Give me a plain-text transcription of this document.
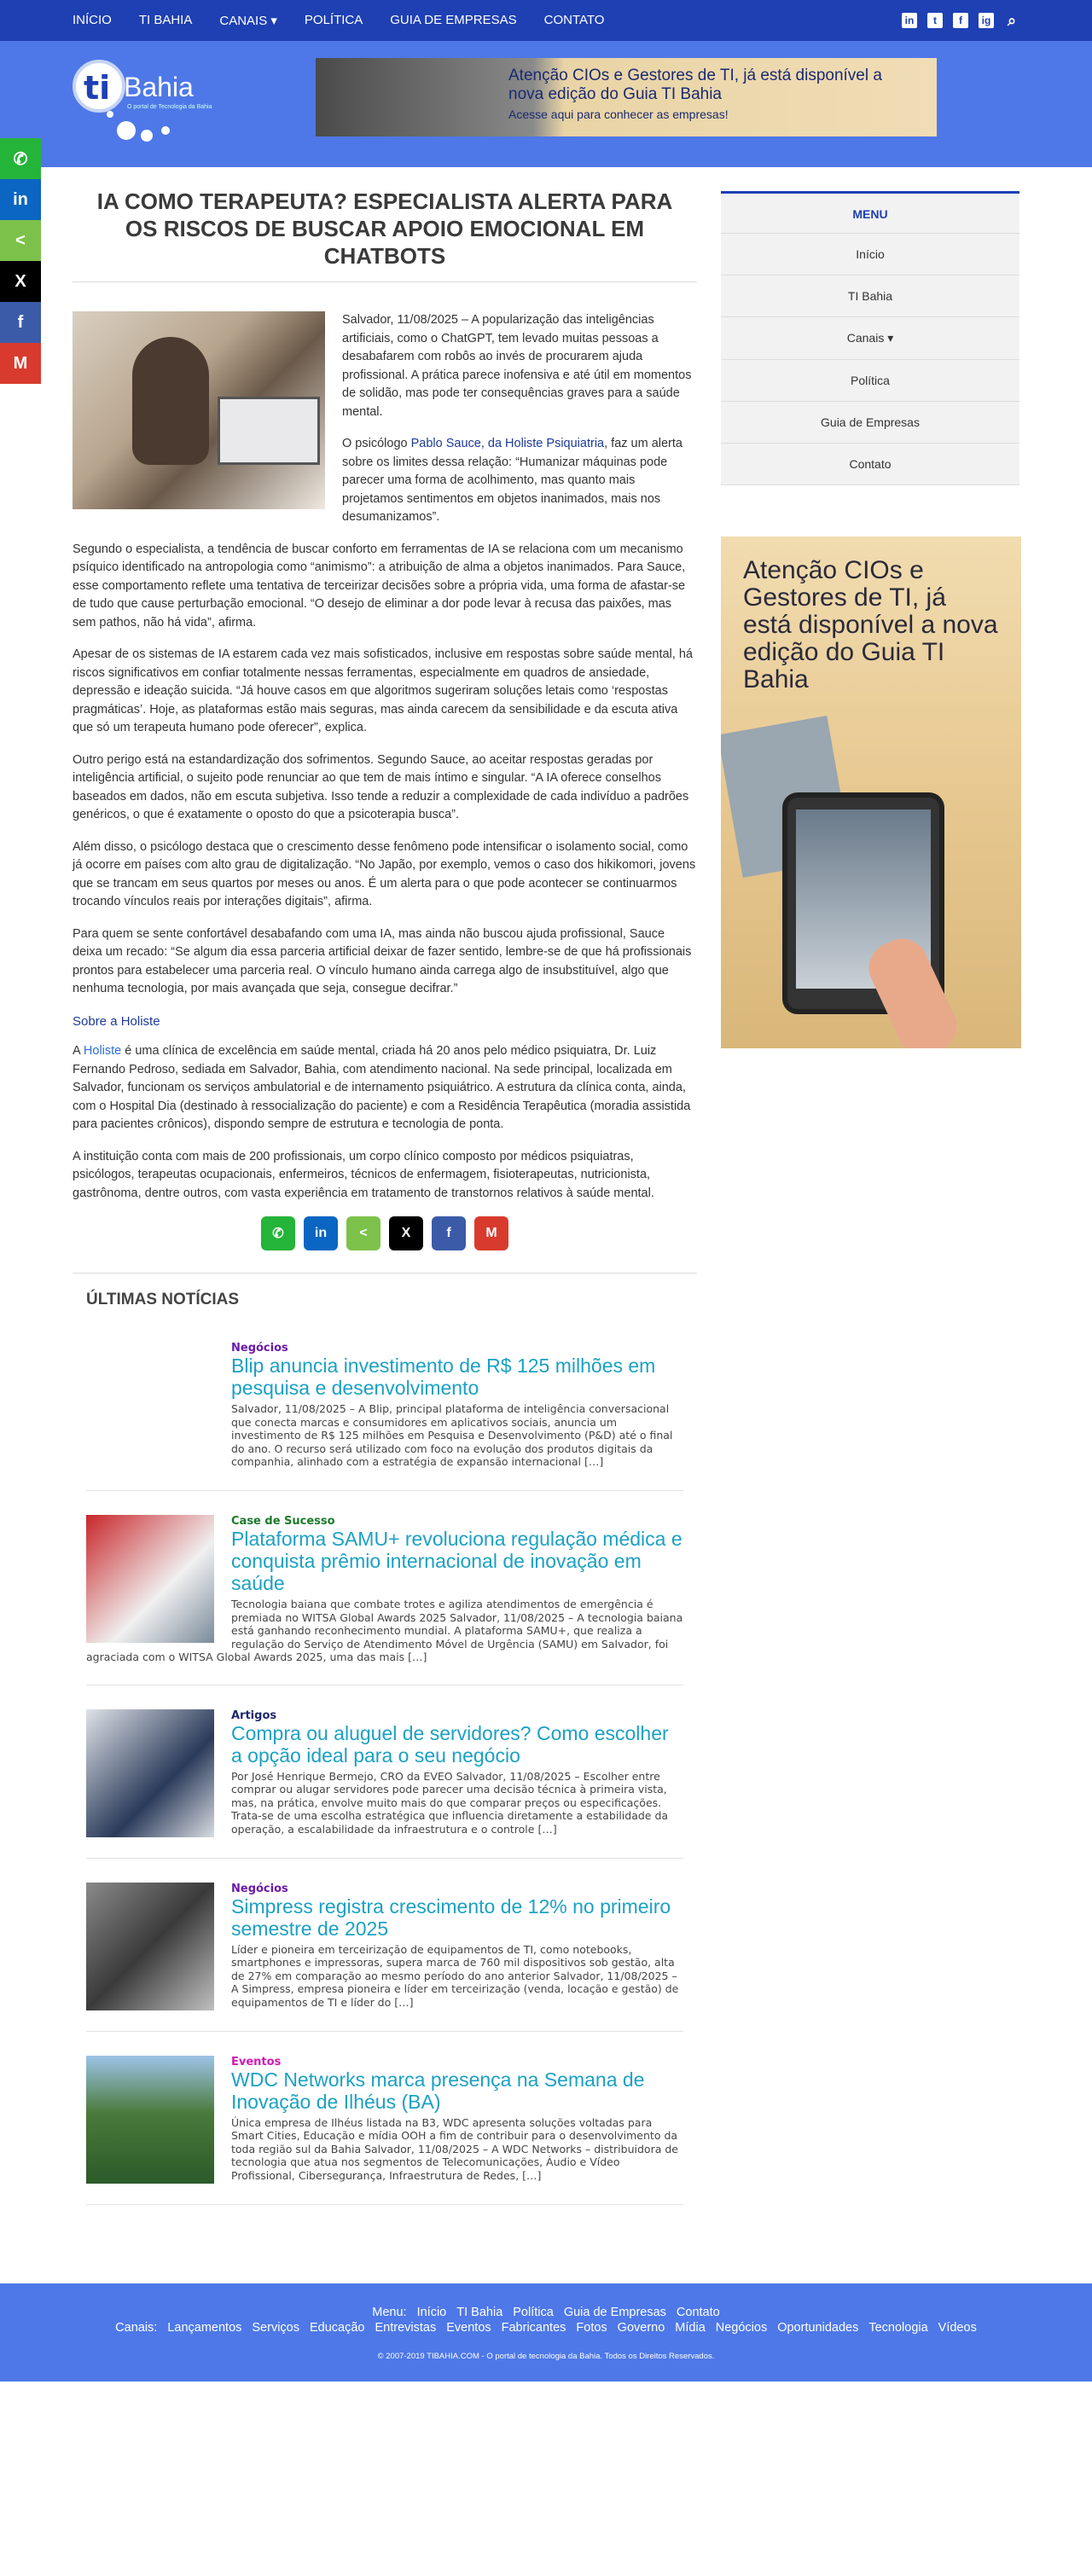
INÍCIO TI BAHIA CANAIS ▾ POLÍTICA GUIA DE EMPRESAS CONTATO	in	t	f	ig ⌕
ti Bahia
O portal de Tecnologia da Bahia
Atenção CIOs e Gestores de TI, já está disponível a nova edição do Guia TI Bahia
Acesse aqui para conhecer as empresas!
✆
in
<
X
f
M
IA COMO TERAPEUTA? ESPECIALISTA ALERTA PARA OS RISCOS DE BUSCAR APOIO EMOCIONAL EM CHATBOTS

Salvador, 11/08/2025 – A popularização das inteligências artificiais, como o ChatGPT, tem levado muitas pessoas a desabafarem com robôs ao invés de procurarem ajuda profissional. A prática parece inofensiva e até útil em momentos de solidão, mas pode ter consequências graves para a saúde mental.

O psicólogo Pablo Sauce, da Holiste Psiquiatria, faz um alerta sobre os limites dessa relação: “Humanizar máquinas pode parecer uma forma de acolhimento, mas quanto mais projetamos sentimentos em objetos inanimados, mais nos desumanizamos”.

Segundo o especialista, a tendência de buscar conforto em ferramentas de IA se relaciona com um mecanismo psíquico identificado na antropologia como “animismo”: a atribuição de alma a objetos inanimados. Para Sauce, esse comportamento reflete uma tentativa de terceirizar decisões sobre a própria vida, uma forma de afastar-se de tudo que cause perturbação emocional. “O desejo de eliminar a dor pode levar à recusa das paixões, mas sem pathos, não há vida”, afirma.

Apesar de os sistemas de IA estarem cada vez mais sofisticados, inclusive em respostas sobre saúde mental, há riscos significativos em confiar totalmente nessas ferramentas, especialmente em quadros de ansiedade, depressão e ideação suicida. “Já houve casos em que algoritmos sugeriram soluções letais como ‘respostas pragmáticas’. Hoje, as plataformas estão mais seguras, mas ainda carecem da sensibilidade e da escuta ativa que só um terapeuta humano pode oferecer”, explica.

Outro perigo está na estandardização dos sofrimentos. Segundo Sauce, ao aceitar respostas geradas por inteligência artificial, o sujeito pode renunciar ao que tem de mais íntimo e singular. “A IA oferece conselhos baseados em dados, não em escuta subjetiva. Isso tende a reduzir a complexidade de cada indivíduo a padrões genéricos, o que é exatamente o oposto do que a psicoterapia busca”.

Além disso, o psicólogo destaca que o crescimento desse fenômeno pode intensificar o isolamento social, como já ocorre em países com alto grau de digitalização. “No Japão, por exemplo, vemos o caso dos hikikomori, jovens que se trancam em seus quartos por meses ou anos. É um alerta para o que pode acontecer se continuarmos trocando vínculos reais por interações digitais”, afirma.

Para quem se sente confortável desabafando com uma IA, mas ainda não buscou ajuda profissional, Sauce deixa um recado: “Se algum dia essa parceria artificial deixar de fazer sentido, lembre-se de que há profissionais prontos para estabelecer uma parceria real. O vínculo humano ainda carrega algo de insubstituível, algo que nenhuma tecnologia, por mais avançada que seja, consegue decifrar.”

Sobre a Holiste

A Holiste é uma clínica de excelência em saúde mental, criada há 20 anos pelo médico psiquiatra, Dr. Luiz Fernando Pedroso, sediada em Salvador, Bahia, com atendimento nacional. Na sede principal, localizada em Salvador, funcionam os serviços ambulatorial e de internamento psiquiátrico. A estrutura da clínica conta, ainda, com o Hospital Dia (destinado à ressocialização do paciente) e com a Residência Terapêutica (moradia assistida para pacientes crônicos), dispondo sempre de estrutura e tecnologia de ponta.

A instituição conta com mais de 200 profissionais, um corpo clínico composto por médicos psiquiatras, psicólogos, terapeutas ocupacionais, enfermeiros, técnicos de enfermagem, fisioterapeutas, nutricionista, gastrônoma, dentre outros, com vasta experiência em tratamento de transtornos relativos à saúde mental.

✆	in	<	X	f	M
ÚLTIMAS NOTÍCIAS
Negócios
Blip anuncia investimento de R$ 125 milhões em pesquisa e desenvolvimento
Salvador, 11/08/2025 – A Blip, principal plataforma de inteligência conversacional que conecta marcas e consumidores em aplicativos sociais, anuncia um investimento de R$ 125 milhões em Pesquisa e Desenvolvimento (P&D) até o final do ano. O recurso será utilizado com foco na evolução dos produtos digitais da companhia, alinhado com a estratégia de expansão internacional […]
Case de Sucesso
Plataforma SAMU+ revoluciona regulação médica e conquista prêmio internacional de inovação em saúde
Tecnologia baiana que combate trotes e agiliza atendimentos de emergência é premiada no WITSA Global Awards 2025 Salvador, 11/08/2025 – A tecnologia baiana está ganhando reconhecimento mundial. A plataforma SAMU+, que realiza a regulação do Serviço de Atendimento Móvel de Urgência (SAMU) em Salvador, foi agraciada com o WITSA Global Awards 2025, uma das mais […]
Artigos
Compra ou aluguel de servidores? Como escolher a opção ideal para o seu negócio
Por José Henrique Bermejo, CRO da EVEO Salvador, 11/08/2025 – Escolher entre comprar ou alugar servidores pode parecer uma decisão técnica à primeira vista, mas, na prática, envolve muito mais do que comparar preços ou especificações. Trata-se de uma escolha estratégica que influencia diretamente a estabilidade da operação, a escalabilidade da infraestrutura e o controle […]
Negócios
Simpress registra crescimento de 12% no primeiro semestre de 2025
Líder e pioneira em terceirização de equipamentos de TI, como notebooks, smartphones e impressoras, supera marca de 760 mil dispositivos sob gestão, alta de 27% em comparação ao mesmo período do ano anterior Salvador, 11/08/2025 – A Simpress, empresa pioneira e líder em terceirização (venda, locação e gestão) de equipamentos de TI e líder do […]
Eventos
WDC Networks marca presença na Semana de Inovação de Ilhéus (BA)
Única empresa de Ilhéus listada na B3, WDC apresenta soluções voltadas para Smart Cities, Educação e mídia OOH a fim de contribuir para o desenvolvimento da toda região sul da Bahia Salvador, 11/08/2025 – A WDC Networks – distribuidora de tecnologia que atua nos segmentos de Telecomunicações, Áudio e Vídeo Profissional, Cibersegurança, Infraestrutura de Redes, […]
MENU
Início
TI Bahia
Canais ▾
Política
Guia de Empresas
Contato
Atenção CIOs e Gestores de TI, já está disponível a nova edição do Guia TI Bahia
Menu: Início TI Bahia Política Guia de Empresas Contato
Canais: Lançamentos Serviços Educação Entrevistas Eventos Fabricantes Fotos Governo Mídia Negócios Oportunidades Tecnologia Vídeos
© 2007-2019 TIBAHIA.COM - O portal de tecnologia da Bahia. Todos os Direitos Reservados.
